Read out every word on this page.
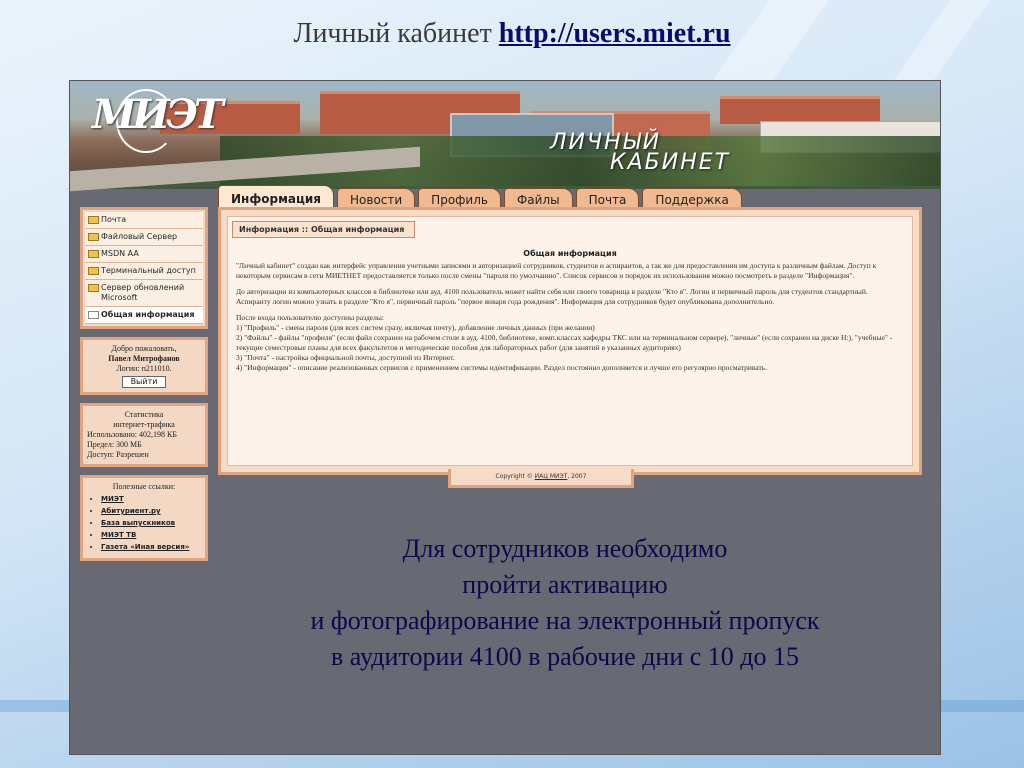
Личный кабинет http://users.miet.ru
МИЭТ
ЛИЧНЫЙ
КАБИНЕТ
Информация	Новости	Профиль	Файлы	Почта	Поддержка
Почта
Файловый Сервер
MSDN AA
Терминальный доступ
Сервер обновлений Microsoft
Общая информация
Добро пожаловать,
Павел Митрофанов
Логин: п211010.
Выйти
Статистика
интернет-трафика
Использовано: 402,198 КБ
Предел: 300 МБ
Доступ: Разрешен
Полезные ссылки:
• МИЭТ
• Абитуриент.ру
• База выпускников
• МИЭТ ТВ
• Газета «Иная версия»
Информация :: Общая информация
Общая информация

"Личный кабинет" создан как интерфейс управления учетными записями и авторизацией сотрудников, студентов и аспирантов, а так же для предоставления им доступа к различным файлам. Доступ к некоторым сервисам в сети МИЕТНЕТ предоставляется только после смены "пароля по умолчанию". Список сервисов и порядок их использования можно посмотреть в разделе "Информация".

До авторизации из компьютерных классов в библиотеке или ауд. 4100 пользователь может найти себя или своего товарища в разделе "Кто я". Логин и первичный пароль для студентов стандартный. Аспиранту логин можно узнать в разделе "Кто я", первичный пароль "первое января года рождения". Информация для сотрудников будет опубликована дополнительно.

После входа пользователю доступны разделы:
1) "Профиль" - смена пароля (для всех систем сразу, включая почту), добавление личных данных (при желании)
2) "Файлы" - файлы "профиля" (если файл сохранен на рабочем столе в ауд. 4100, библиотеке, комп.классах кафедры ТКС или на терминальном сервере), "личные" (если сохранен на диске Н:), "учебные" - текущие семестровые планы для всех факультетов и методические пособия для лабораторных работ (для занятий в указанных аудиториях)
3) "Почта" - настройка официальной почты, доступной из Интернет.
4) "Информация" - описание реализованных сервисов с применением системы идентификации. Раздел постоянно дополняется и лучше его регулярно просматривать.
Copyright © ИАЦ МИЭТ, 2007
Для сотрудников необходимо
пройти активацию
и фотографирование на электронный пропуск
в аудитории 4100 в рабочие дни с 10 до 15
